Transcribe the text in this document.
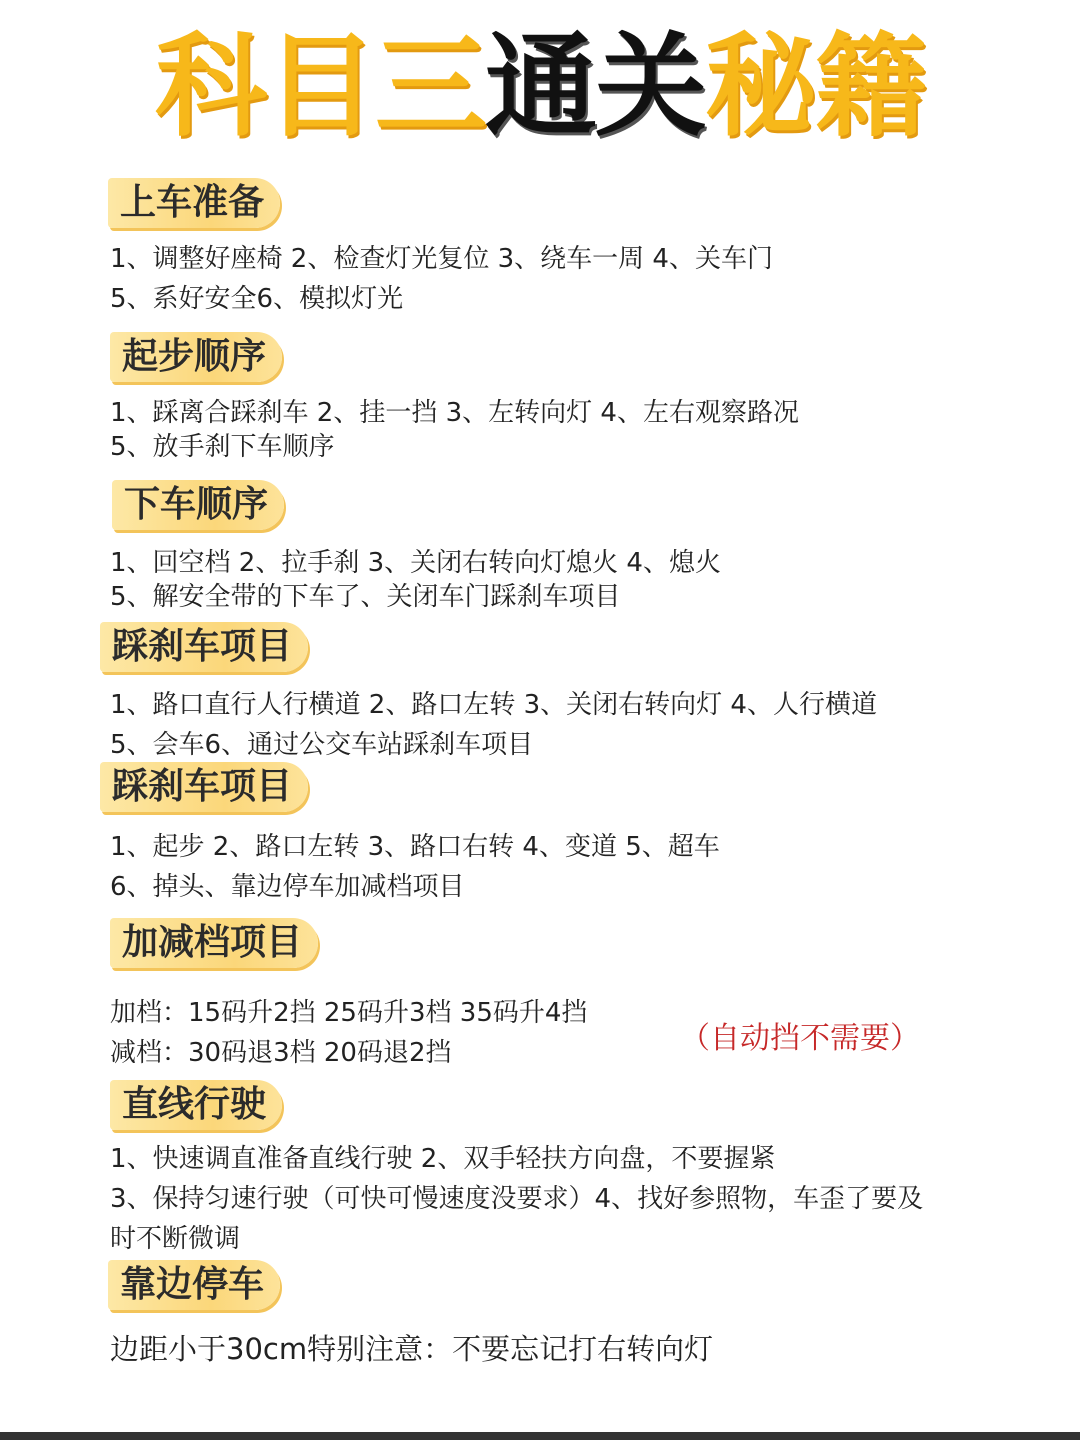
科目三通关秘籍
上车准备
1、调整好座椅 2、检查灯光复位 3、绕车一周 4、关车门
5、系好安全6、模拟灯光
起步顺序
1、踩离合踩刹车 2、挂一挡 3、左转向灯 4、左右观察路况
5、放手刹下车顺序
下车顺序
1、回空档 2、拉手刹 3、关闭右转向灯熄火 4、熄火
5、解安全带的下车了、关闭车门踩刹车项目
踩刹车项目
1、路口直行人行横道 2、路口左转 3、关闭右转向灯 4、人行横道
5、会车6、通过公交车站踩刹车项目
踩刹车项目
1、起步 2、路口左转 3、路口右转 4、变道 5、超车
6、掉头、靠边停车加减档项目
加减档项目
加档：15码升2挡 25码升3档 35码升4挡
减档：30码退3档 20码退2挡	（自动挡不需要）
直线行驶
1、快速调直准备直线行驶 2、双手轻扶方向盘，不要握紧
3、保持匀速行驶（可快可慢速度没要求）4、找好参照物，车歪了要及
时不断微调
靠边停车
边距小于30cm特别注意：不要忘记打右转向灯
